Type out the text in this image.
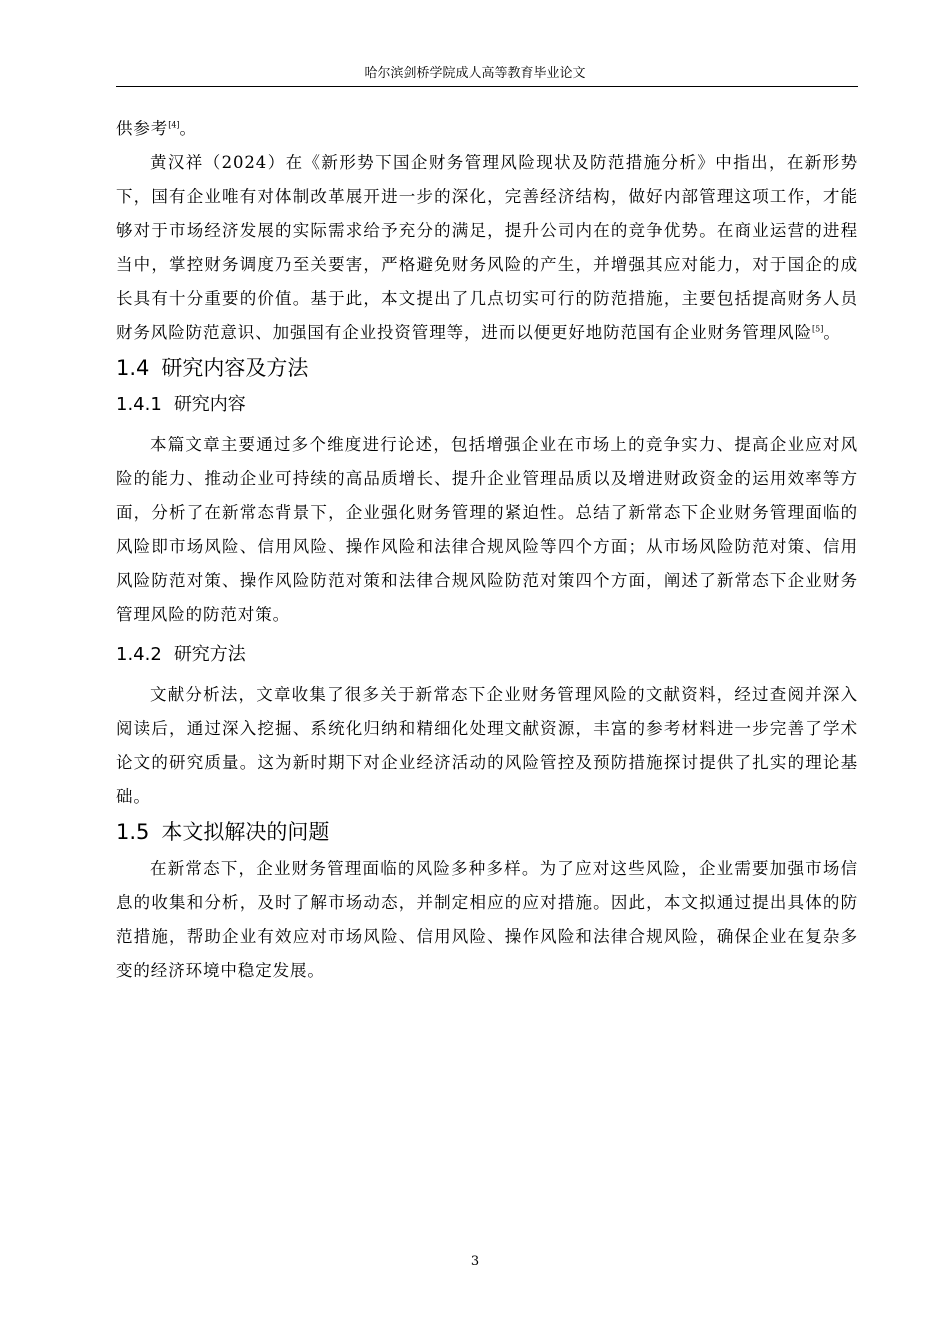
哈尔滨剑桥学院成人高等教育毕业论文

供参考[4]。

黄汉祥（2024）在《新形势下国企财务管理风险现状及防范措施分析》中指出，在新形势下，国有企业唯有对体制改革展开进一步的深化，完善经济结构，做好内部管理这项工作，才能够对于市场经济发展的实际需求给予充分的满足，提升公司内在的竞争优势。在商业运营的进程当中，掌控财务调度乃至关要害，严格避免财务风险的产生，并增强其应对能力，对于国企的成长具有十分重要的价值。基于此，本文提出了几点切实可行的防范措施，主要包括提高财务人员财务风险防范意识、加强国有企业投资管理等，进而以便更好地防范国有企业财务管理风险[5]。

1.4 研究内容及方法
1.4.1 研究内容

本篇文章主要通过多个维度进行论述，包括增强企业在市场上的竞争实力、提高企业应对风险的能力、推动企业可持续的高品质增长、提升企业管理品质以及增进财政资金的运用效率等方面，分析了在新常态背景下，企业强化财务管理的紧迫性。总结了新常态下企业财务管理面临的风险即市场风险、信用风险、操作风险和法律合规风险等四个方面；从市场风险防范对策、信用风险防范对策、操作风险防范对策和法律合规风险防范对策四个方面，阐述了新常态下企业财务管理风险的防范对策。

1.4.2 研究方法

文献分析法，文章收集了很多关于新常态下企业财务管理风险的文献资料，经过查阅并深入阅读后，通过深入挖掘、系统化归纳和精细化处理文献资源，丰富的参考材料进一步完善了学术论文的研究质量。这为新时期下对企业经济活动的风险管控及预防措施探讨提供了扎实的理论基础。

1.5 本文拟解决的问题

在新常态下，企业财务管理面临的风险多种多样。为了应对这些风险，企业需要加强市场信息的收集和分析，及时了解市场动态，并制定相应的应对措施。因此，本文拟通过提出具体的防范措施，帮助企业有效应对市场风险、信用风险、操作风险和法律合规风险，确保企业在复杂多变的经济环境中稳定发展。

3
